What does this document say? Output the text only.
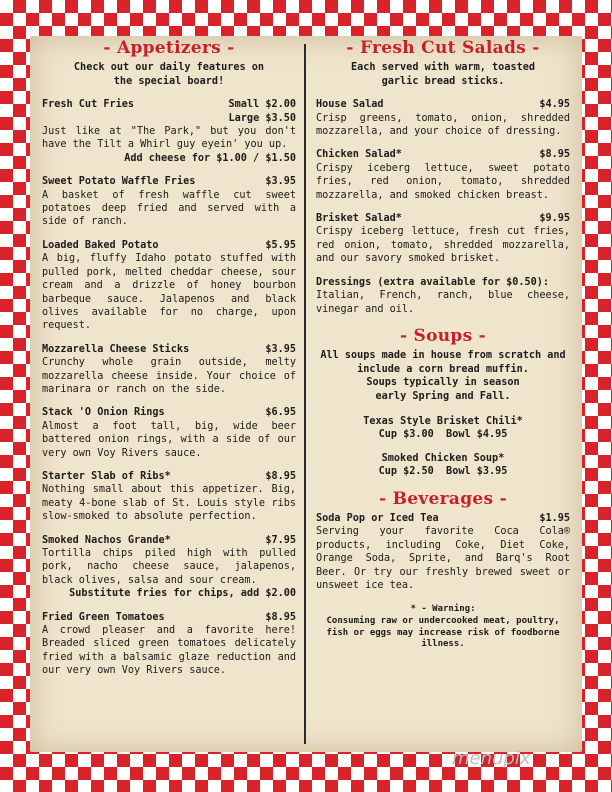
- Appetizers -
Check out our daily features on the special board!
Fresh Cut Fries	Small $2.00
Large $3.50
Just like at "The Park," but you don't have the Tilt a Whirl guy eyein' you up.
Add cheese for $1.00 / $1.50
Sweet Potato Waffle Fries	$3.95
A basket of fresh waffle cut sweet potatoes deep fried and served with a side of ranch.
Loaded Baked Potato	$5.95
A big, fluffy Idaho potato stuffed with pulled pork, melted cheddar cheese, sour cream and a drizzle of honey bourbon barbeque sauce. Jalapenos and black olives available for no charge, upon request.
Mozzarella Cheese Sticks	$3.95
Crunchy whole grain outside, melty mozzarella cheese inside. Your choice of marinara or ranch on the side.
Stack 'O Onion Rings	$6.95
Almost a foot tall, big, wide beer battered onion rings, with a side of our very own Voy Rivers sauce.
Starter Slab of Ribs*	$8.95
Nothing small about this appetizer. Big, meaty 4-bone slab of St. Louis style ribs slow-smoked to absolute perfection.
Smoked Nachos Grande*	$7.95
Tortilla chips piled high with pulled pork, nacho cheese sauce, jalapenos, black olives, salsa and sour cream.
Substitute fries for chips, add $2.00
Fried Green Tomatoes	$8.95
A crowd pleaser and a favorite here! Breaded sliced green tomatoes delicately fried with a balsamic glaze reduction and our very own Voy Rivers sauce.
- Fresh Cut Salads -
Each served with warm, toasted garlic bread sticks.
House Salad	$4.95
Crisp greens, tomato, onion, shredded mozzarella, and your choice of dressing.
Chicken Salad*	$8.95
Crispy iceberg lettuce, sweet potato fries, red onion, tomato, shredded mozzarella, and smoked chicken breast.
Brisket Salad*	$9.95
Crispy iceberg lettuce, fresh cut fries, red onion, tomato, shredded mozzarella, and our savory smoked brisket.
Dressings (extra available for $0.50):
Italian, French, ranch, blue cheese, vinegar and oil.
- Soups -
All soups made in house from scratch and include a corn bread muffin.
Soups typically in season early Spring and Fall.
Texas Style Brisket Chili*
Cup $3.00  Bowl $4.95
Smoked Chicken Soup*
Cup $2.50  Bowl $3.95
- Beverages -
Soda Pop or Iced Tea	$1.95
Serving your favorite Coca Cola® products, including Coke, Diet Coke, Orange Soda, Sprite, and Barq's Root Beer. Or try our freshly brewed sweet or unsweet ice tea.
* - Warning:
Consuming raw or undercooked meat, poultry, fish or eggs may increase risk of foodborne illness.
menupix
